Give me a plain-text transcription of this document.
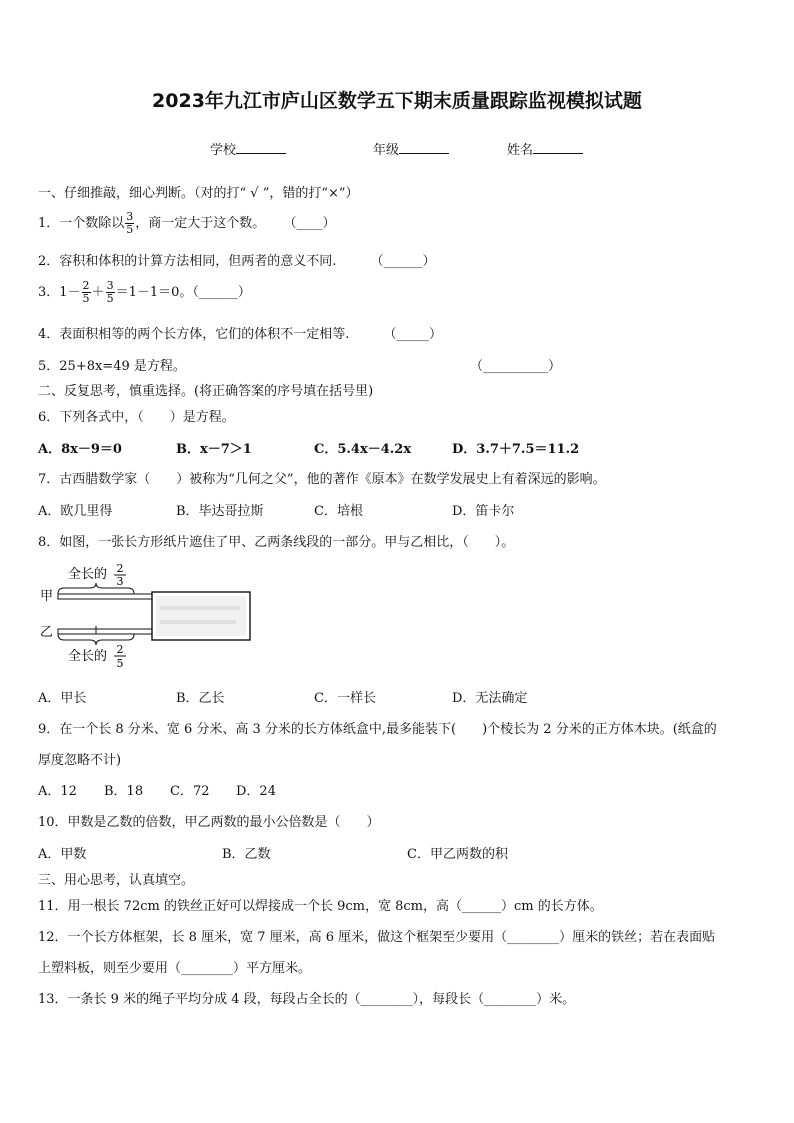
2023年九江市庐山区数学五下期末质量跟踪监视模拟试题
学校	年级	姓名
一、仔细推敲，细心判断。（对的打“ √ ”，错的打“×”）
1．一个数除以 $\frac{3}{5}$ ，商一定大于这个数。 （____）
2．容积和体积的计算方法相同，但两者的意义不同.	（______）
3．$1- \frac{2}{5} + \frac{3}{5} =1-1=0$。（______）
4．表面积相等的两个长方体，它们的体积不一定相等.	（_____）
5．25+8x=49 是方程。	（__________）
二、反复思考，慎重选择。(将正确答案的序号填在括号里)
6．下列各式中，（　　）是方程。
A．8x－9＝0	B．x－7＞1	C．5.4x－4.2x	D．3.7＋7.5＝11.2
7．古西腊数学家（　　）被称为“几何之父”，他的著作《原本》在数学发展史上有着深远的影响。
A．欧几里得	B．毕达哥拉斯	C．培根	D．笛卡尔
8．如图，一张长方形纸片遮住了甲、乙两条线段的一部分。甲与乙相比，（　　）。
全长的 2
3
甲
乙
全长的 2
5
A．甲长	B．乙长	C．一样长	D．无法确定
9．在一个长 8 分米、宽 6 分米、高 3 分米的长方体纸盒中,最多能装下(　　)个棱长为 2 分米的正方体木块。(纸盒的
厚度忽略不计)
A．12 B．18 C．72 D．24
10．甲数是乙数的倍数，甲乙两数的最小公倍数是（　　）
A．甲数	B．乙数	C．甲乙两数的积
三、用心思考，认真填空。
11．用一根长 72cm 的铁丝正好可以焊接成一个长 9cm，宽 8cm，高（______）cm 的长方体。
12．一个长方体框架，长 8 厘米，宽 7 厘米，高 6 厘米，做这个框架至少要用（________）厘米的铁丝；若在表面贴
上塑料板，则至少要用（________）平方厘米。
13．一条长 9 米的绳子平均分成 4 段，每段占全长的（________），每段长（________）米。
